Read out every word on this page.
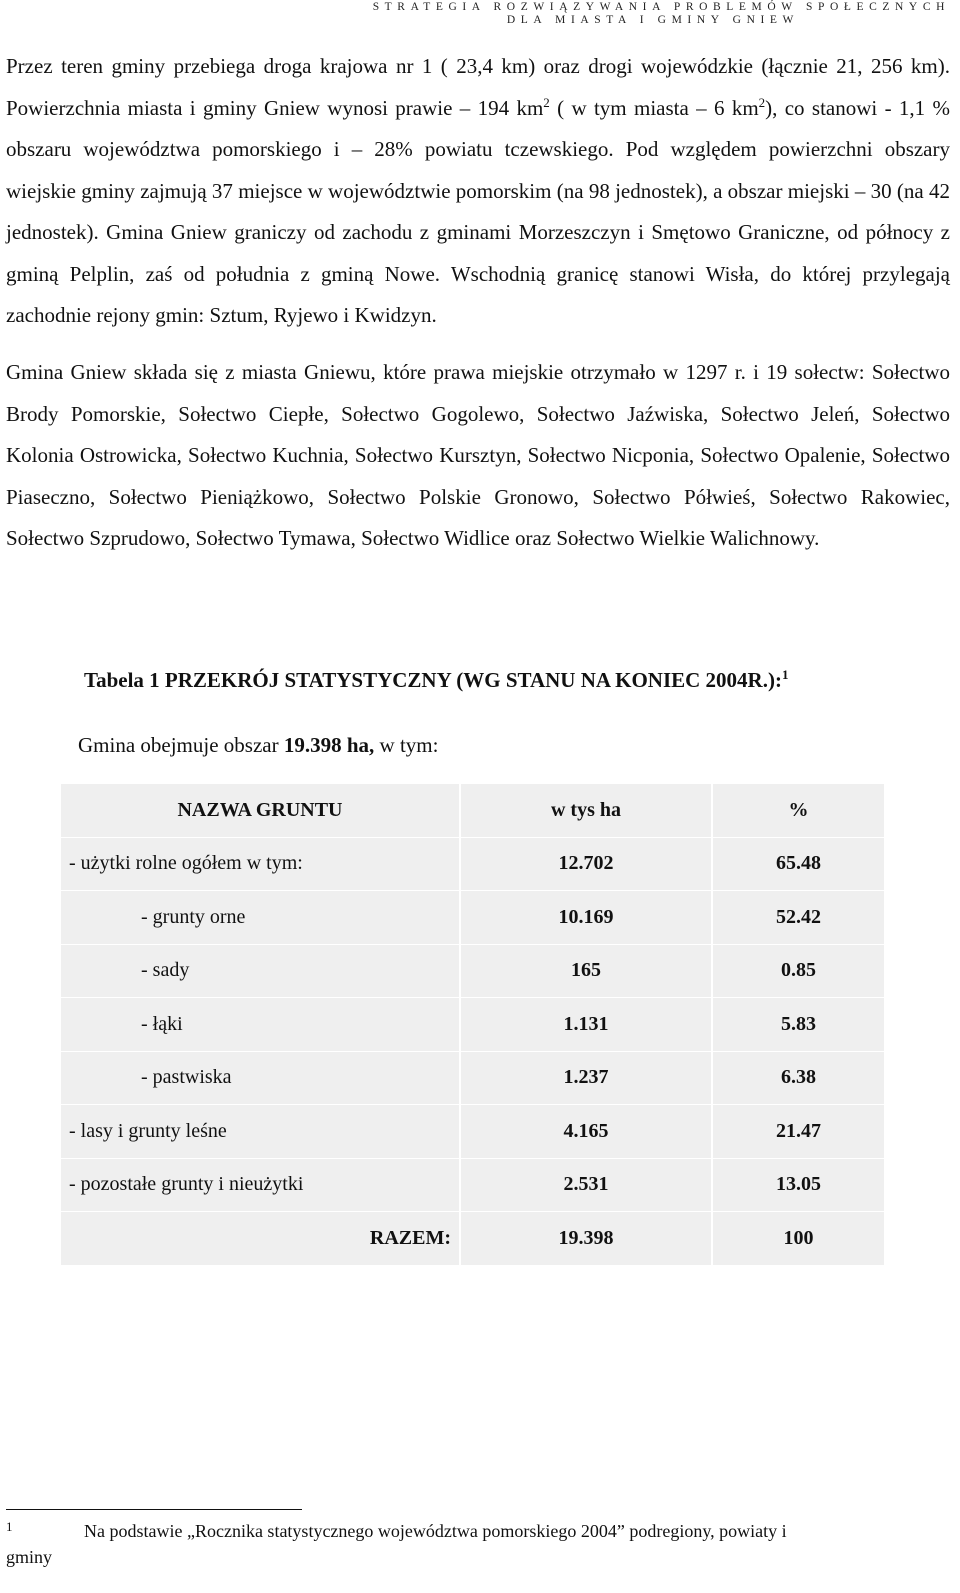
STRATEGIA ROZWIĄZYWANIA PROBLEMÓW SPOŁECZNYCH
DLA MIASTA I GMINY GNIEW
Przez teren gminy przebiega droga krajowa nr 1 ( 23,4 km) oraz drogi wojewódzkie (łącznie 21, 256 km). Powierzchnia miasta i gminy Gniew wynosi prawie – 194 $km^2$ ( w tym miasta – 6 $km^2$), co stanowi - 1,1 % obszaru województwa pomorskiego i – 28% powiatu tczewskiego. Pod względem powierzchni obszary wiejskie gminy zajmują 37 miejsce w województwie pomorskim (na 98 jednostek), a obszar miejski – 30 (na 42 jednostek). Gmina Gniew graniczy od zachodu z gminami Morzeszczyn i Smętowo Graniczne, od północy z gminą Pelplin, zaś od południa z gminą Nowe. Wschodnią granicę stanowi Wisła, do której przylegają zachodnie rejony gmin: Sztum, Ryjewo i Kwidzyn.
Gmina Gniew składa się z miasta Gniewu, które prawa miejskie otrzymało w 1297 r. i 19 sołectw: Sołectwo Brody Pomorskie, Sołectwo Ciepłe, Sołectwo Gogolewo, Sołectwo Jaźwiska, Sołectwo Jeleń, Sołectwo Kolonia Ostrowicka, Sołectwo Kuchnia, Sołectwo Kursztyn, Sołectwo Nicponia, Sołectwo Opalenie, Sołectwo Piaseczno, Sołectwo Pieniążkowo, Sołectwo Polskie Gronowo, Sołectwo Półwieś, Sołectwo Rakowiec, Sołectwo Szprudowo, Sołectwo Tymawa, Sołectwo Widlice oraz Sołectwo Wielkie Walichnowy.
Tabela 1 PRZEKRÓJ STATYSTYCZNY (WG STANU NA KONIEC 2004R.):$^1$
Gmina obejmuje obszar 19.398 ha, w tym:
NAZWA GRUNTU	w tys ha	%
- użytki rolne ogółem w tym:	12.702	65.48
- grunty orne	10.169	52.42
- sady	165	0.85
- łąki	1.131	5.83
- pastwiska	1.237	6.38
- lasy i grunty leśne	4.165	21.47
- pozostałe grunty i nieużytki	2.531	13.05
RAZEM:	19.398	100
1	Na podstawie „Rocznika statystycznego województwa pomorskiego 2004” podregiony, powiaty i
gminy
